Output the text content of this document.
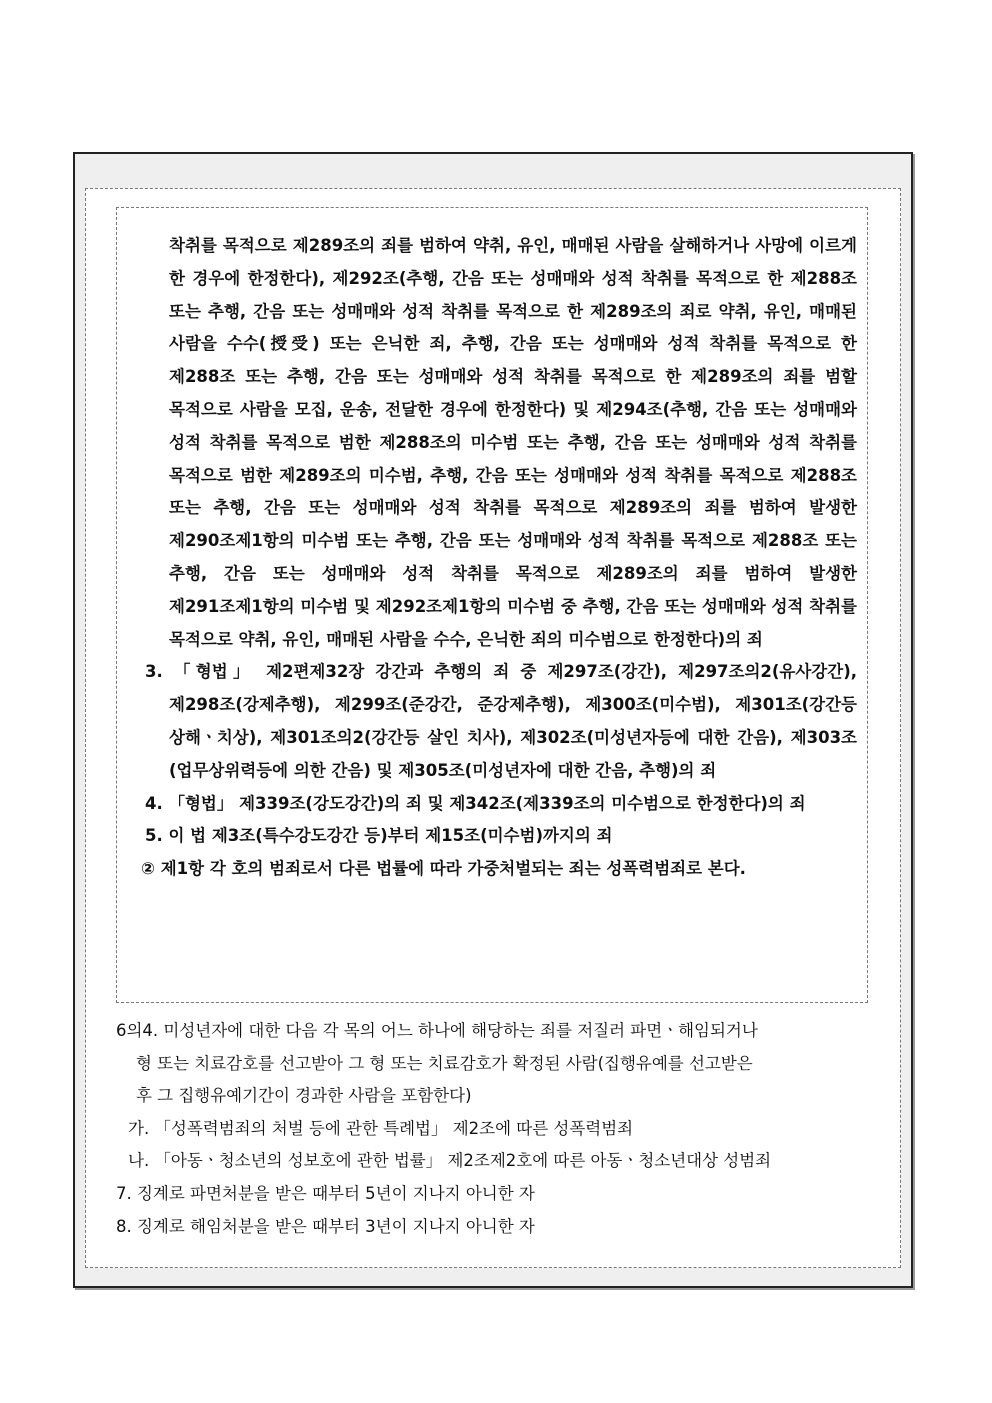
착취를 목적으로 제289조의 죄를 범하여 약취, 유인, 매매된 사람을 살해하거나 사망에 이르게 한 경우에 한정한다), 제292조(추행, 간음 또는 성매매와 성적 착취를 목적으로 한 제288조 또는 추행, 간음 또는 성매매와 성적 착취를 목적으로 한 제289조의 죄로 약취, 유인, 매매된 사람을 수수(授受) 또는 은닉한 죄, 추행, 간음 또는 성매매와 성적 착취를 목적으로 한 제288조 또는 추행, 간음 또는 성매매와 성적 착취를 목적으로 한 제289조의 죄를 범할 목적으로 사람을 모집, 운송, 전달한 경우에 한정한다) 및 제294조(추행, 간음 또는 성매매와 성적 착취를 목적으로 범한 제288조의 미수범 또는 추행, 간음 또는 성매매와 성적 착취를 목적으로 범한 제289조의 미수범, 추행, 간음 또는 성매매와 성적 착취를 목적으로 제288조 또는 추행, 간음 또는 성매매와 성적 착취를 목적으로 제289조의 죄를 범하여 발생한 제290조제1항의 미수범 또는 추행, 간음 또는 성매매와 성적 착취를 목적으로 제288조 또는 추행, 간음 또는 성매매와 성적 착취를 목적으로 제289조의 죄를 범하여 발생한 제291조제1항의 미수범 및 제292조제1항의 미수범 중 추행, 간음 또는 성매매와 성적 착취를 목적으로 약취, 유인, 매매된 사람을 수수, 은닉한 죄의 미수범으로 한정한다)의 죄

3. 「형법」 제2편제32장 강간과 추행의 죄 중 제297조(강간), 제297조의2(유사강간), 제298조(강제추행), 제299조(준강간, 준강제추행), 제300조(미수범), 제301조(강간등 상해ㆍ치상), 제301조의2(강간등 살인 치사), 제302조(미성년자등에 대한 간음), 제303조(업무상위력등에 의한 간음) 및 제305조(미성년자에 대한 간음, 추행)의 죄

4. 「형법」 제339조(강도강간)의 죄 및 제342조(제339조의 미수범으로 한정한다)의 죄

5. 이 법 제3조(특수강도강간 등)부터 제15조(미수범)까지의 죄

② 제1항 각 호의 범죄로서 다른 법률에 따라 가중처벌되는 죄는 성폭력범죄로 본다.

6의4. 미성년자에 대한 다음 각 목의 어느 하나에 해당하는 죄를 저질러 파면ㆍ해임되거나

형 또는 치료감호를 선고받아 그 형 또는 치료감호가 확정된 사람(집행유예를 선고받은

후 그 집행유예기간이 경과한 사람을 포함한다)

가. 「성폭력범죄의 처벌 등에 관한 특례법」 제2조에 따른 성폭력범죄

나. 「아동ㆍ청소년의 성보호에 관한 법률」 제2조제2호에 따른 아동ㆍ청소년대상 성범죄

7. 징계로 파면처분을 받은 때부터 5년이 지나지 아니한 자

8. 징계로 해임처분을 받은 때부터 3년이 지나지 아니한 자
